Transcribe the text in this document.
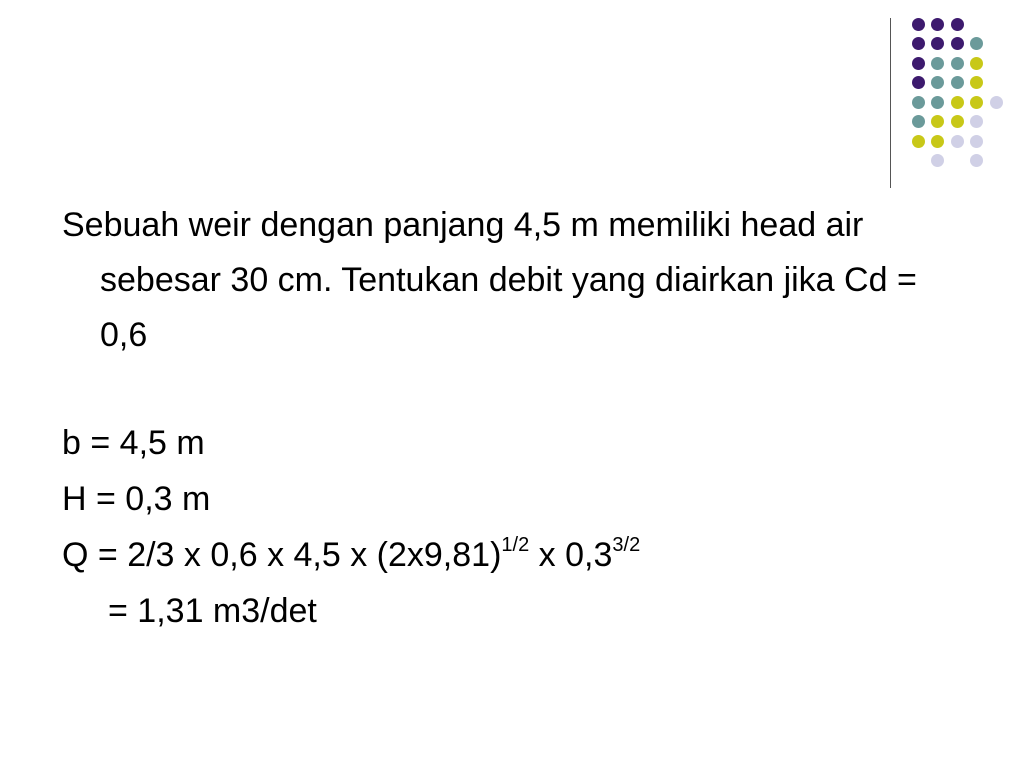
Sebuah weir dengan panjang 4,5 m memiliki head air sebesar 30 cm. Tentukan debit yang diairkan jika Cd = 0,6

b = 4,5 m

H = 0,3 m

Q = 2/3 x 0,6 x 4,5 x $(2x9,81)^{1/2}$ x $0,3^{3/2}$

= 1,31 m3/det
